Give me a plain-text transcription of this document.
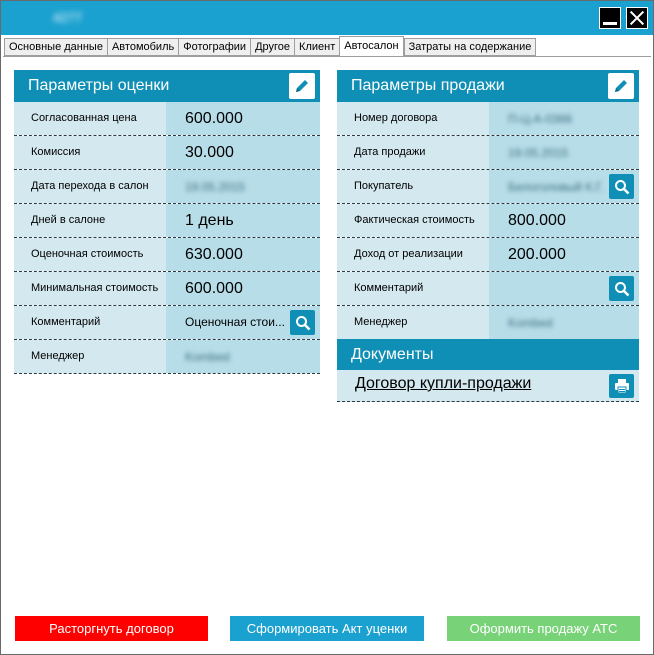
4277
Основные данные Автомобиль Фотографии Другое Клиент Автосалон Затраты на содержание
Параметры оценки
Согласованная цена	600.000
Комиссия	30.000
Дата перехода в салон	19.05.2015
Дней в салоне	1 день
Оценочная стоимость	630.000
Минимальная стоимость	600.000
Комментарий	Оценочная стои...
Менеджер	Kombed
Параметры продажи
Номер договора	П-Ц-А-0366
Дата продажи	19.05.2015
Покупатель	Белоголовый К.Г.
Фактическая стоимость	800.000
Доход от реализации	200.000
Комментарий
Менеджер	Kombed
Документы
Договор купли-продажи
Расторгнуть договор	Сформировать Акт уценки	Оформить продажу АТС
